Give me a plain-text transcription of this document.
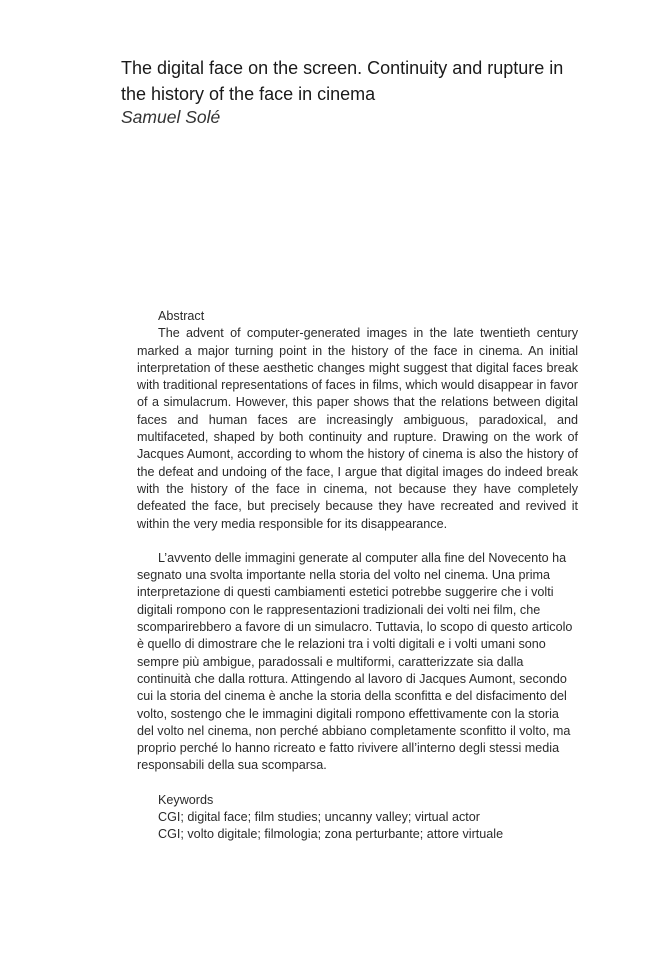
The digital face on the screen. Continuity and rupture in the history of the face in cinema

Samuel Solé

Abstract

The advent of computer-generated images in the late twentieth century marked a major turning point in the history of the face in cinema. An initial interpretation of these aesthetic changes might suggest that digital faces break with traditional representations of faces in films, which would disappear in favor of a simulacrum. However, this paper shows that the relations between digital faces and human faces are increasingly ambiguous, paradoxical, and multifaceted, shaped by both continuity and rupture. Drawing on the work of Jacques Aumont, according to whom the history of cinema is also the history of the defeat and undoing of the face, I argue that digital images do indeed break with the history of the face in cinema, not because they have completely defeated the face, but precisely because they have recreated and revived it within the very media responsible for its disappearance.

L’avvento delle immagini generate al computer alla fine del Novecento ha segnato una svolta importante nella storia del volto nel cinema. Una prima interpretazione di questi cambiamenti estetici potrebbe suggerire che i volti digitali rompono con le rappresentazioni tradizionali dei volti nei film, che scomparirebbero a favore di un simulacro. Tuttavia, lo scopo di questo articolo è quello di dimostrare che le relazioni tra i volti digitali e i volti umani sono sempre più ambigue, paradossali e multiformi, caratterizzate sia dalla continuità che dalla rottura. Attingendo al lavoro di Jacques Aumont, secondo cui la storia del cinema è anche la storia della sconfitta e del disfacimento del volto, sostengo che le immagini digitali rompono effettivamente con la storia del volto nel cinema, non perché abbiano completamente sconfitto il volto, ma proprio perché lo hanno ricreato e fatto rivivere all’interno degli stessi media responsabili della sua scomparsa.

Keywords

CGI; digital face; film studies; uncanny valley; virtual actor

CGI; volto digitale; filmologia; zona perturbante; attore virtuale
